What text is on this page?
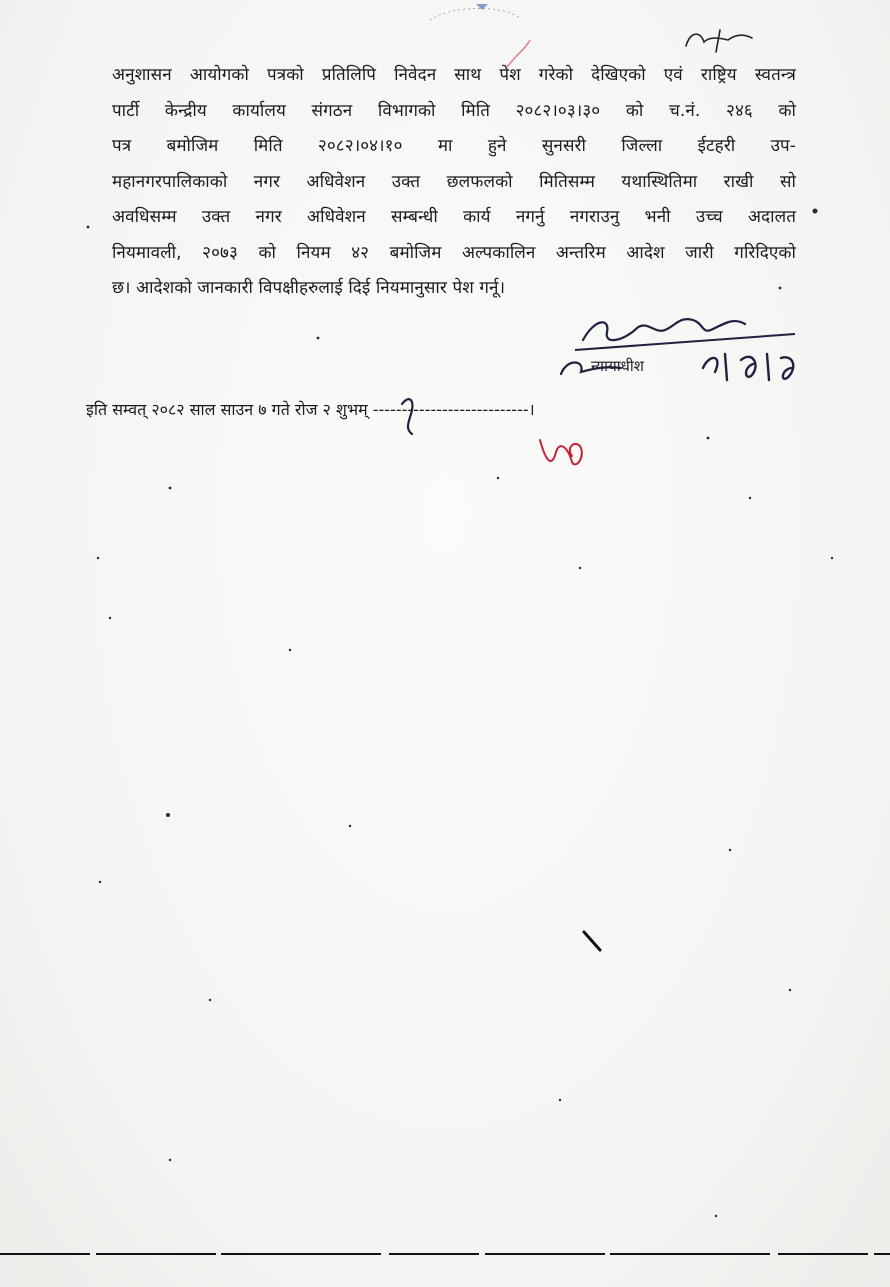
अनुशासन आयोगको पत्रको प्रतिलिपि निवेदन साथ पेश गरेको देखिएको एवं राष्ट्रिय स्वतन्त्र
पार्टी केन्द्रीय कार्यालय संगठन विभागको मिति २०८२।०३।३० को च.नं. २४६ को
पत्र बमोजिम मिति २०८२।०४।१० मा हुने सुनसरी जिल्ला ईटहरी उप-
महानगरपालिकाको नगर अधिवेशन उक्त छलफलको मितिसम्म यथास्थितिमा राखी सो
अवधिसम्म उक्त नगर अधिवेशन सम्बन्धी कार्य नगर्नु नगराउनु भनी उच्च अदालत
नियमावली, २०७३ को नियम ४२ बमोजिम अल्पकालिन अन्तरिम आदेश जारी गरिदिएको
छ। आदेशको जानकारी विपक्षीहरुलाई दिई नियमानुसार पेश गर्नू।
न्यायाधीश
इति सम्वत् २०८२ साल साउन ७ गते रोज २ शुभम् ---------------------------।
